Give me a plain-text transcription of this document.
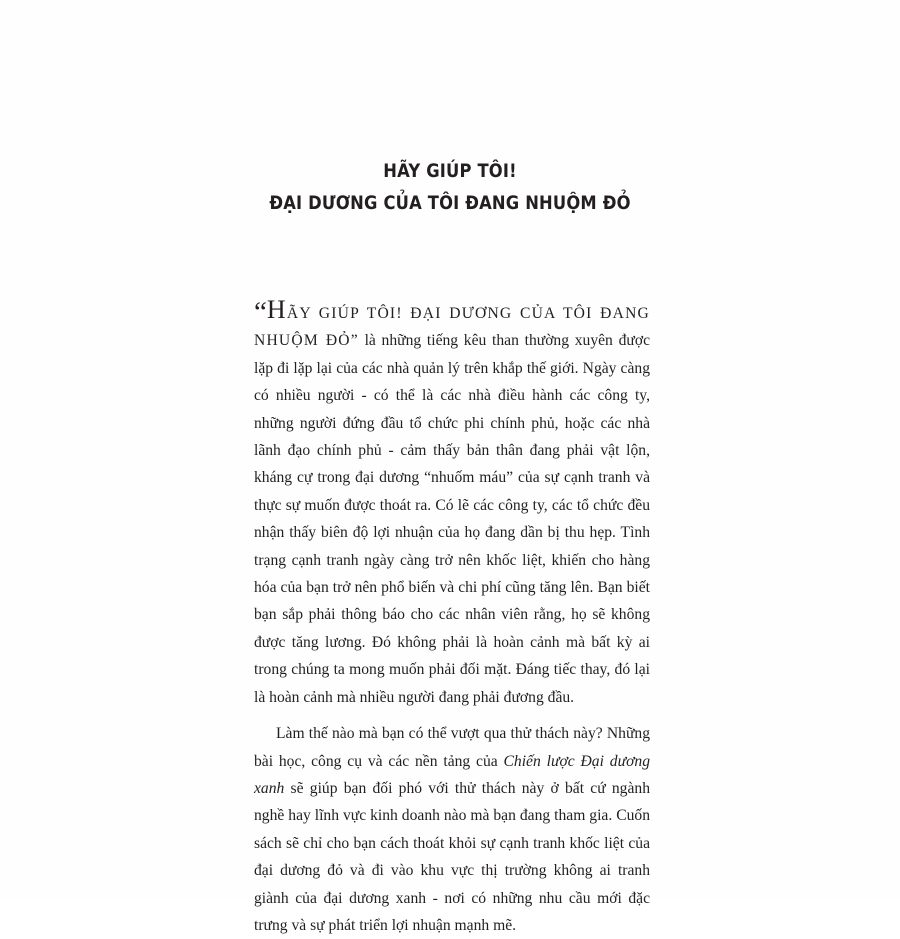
HÃY GIÚP TÔI!
ĐẠI DƯƠNG CỦA TÔI ĐANG NHUỘM ĐỎ

“HÃY GIÚP TÔI! ĐẠI DƯƠNG CỦA TÔI ĐANG NHUỘM ĐỎ” là những tiếng kêu than thường xuyên được lặp đi lặp lại của các nhà quản lý trên khắp thế giới. Ngày càng có nhiều người - có thể là các nhà điều hành các công ty, những người đứng đầu tổ chức phi chính phủ, hoặc các nhà lãnh đạo chính phủ - cảm thấy bản thân đang phải vật lộn, kháng cự trong đại dương “nhuốm máu” của sự cạnh tranh và thực sự muốn được thoát ra. Có lẽ các công ty, các tổ chức đều nhận thấy biên độ lợi nhuận của họ đang dần bị thu hẹp. Tình trạng cạnh tranh ngày càng trở nên khốc liệt, khiến cho hàng hóa của bạn trở nên phổ biến và chi phí cũng tăng lên. Bạn biết bạn sắp phải thông báo cho các nhân viên rằng, họ sẽ không được tăng lương. Đó không phải là hoàn cảnh mà bất kỳ ai trong chúng ta mong muốn phải đối mặt. Đáng tiếc thay, đó lại là hoàn cảnh mà nhiều người đang phải đương đầu.

Làm thế nào mà bạn có thể vượt qua thử thách này? Những bài học, công cụ và các nền tảng của Chiến lược Đại dương xanh sẽ giúp bạn đối phó với thử thách này ở bất cứ ngành nghề hay lĩnh vực kinh doanh nào mà bạn đang tham gia. Cuốn sách sẽ chỉ cho bạn cách thoát khỏi sự cạnh tranh khốc liệt của đại dương đỏ và đi vào khu vực thị trường không ai tranh giành của đại dương xanh - nơi có những nhu cầu mới đặc trưng và sự phát triển lợi nhuận mạnh mẽ.
